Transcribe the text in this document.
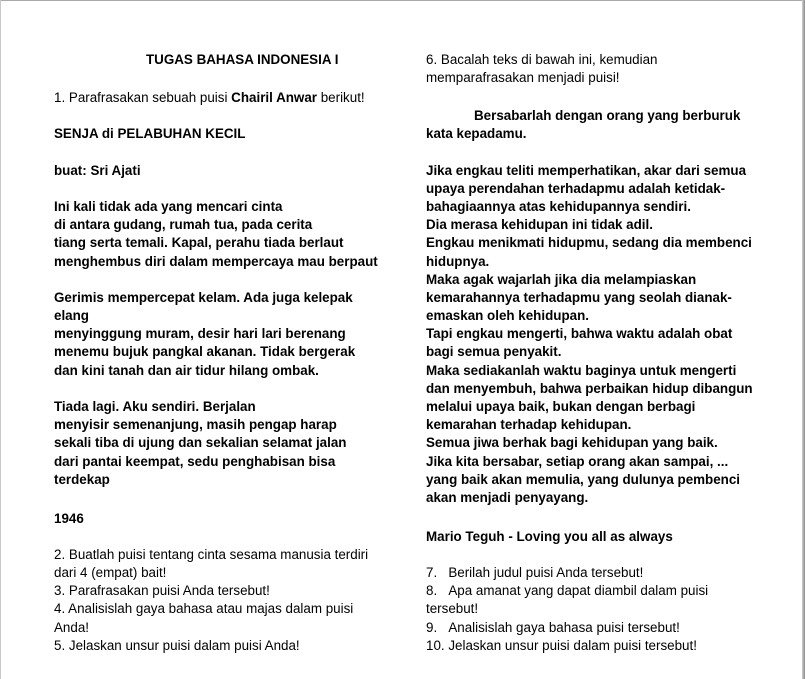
TUGAS BAHASA INDONESIA I
1. Parafrasakan sebuah puisi Chairil Anwar berikut!
SENJA di PELABUHAN KECIL
buat: Sri Ajati
Ini kali tidak ada yang mencari cinta
di antara gudang, rumah tua, pada cerita
tiang serta temali. Kapal, perahu tiada berlaut
menghembus diri dalam mempercaya mau berpaut
Gerimis mempercepat kelam. Ada juga kelepak
elang
menyinggung muram, desir hari lari berenang
menemu bujuk pangkal akanan. Tidak bergerak
dan kini tanah dan air tidur hilang ombak.
Tiada lagi. Aku sendiri. Berjalan
menyisir semenanjung, masih pengap harap
sekali tiba di ujung dan sekalian selamat jalan
dari pantai keempat, sedu penghabisan bisa
terdekap
1946
2. Buatlah puisi tentang cinta sesama manusia terdiri
dari 4 (empat) bait!
3. Parafrasakan puisi Anda tersebut!
4. Analisislah gaya bahasa atau majas dalam puisi
Anda!
5. Jelaskan unsur puisi dalam puisi Anda!
6. Bacalah teks di bawah ini, kemudian
memparafrasakan menjadi puisi!
Bersabarlah dengan orang yang berburuk
kata kepadamu.
Jika engkau teliti memperhatikan, akar dari semua
upaya perendahan terhadapmu adalah ketidak-
bahagiaannya atas kehidupannya sendiri.
Dia merasa kehidupan ini tidak adil.
Engkau menikmati hidupmu, sedang dia membenci
hidupnya.
Maka agak wajarlah jika dia melampiaskan
kemarahannya terhadapmu yang seolah dianak-
emaskan oleh kehidupan.
Tapi engkau mengerti, bahwa waktu adalah obat
bagi semua penyakit.
Maka sediakanlah waktu baginya untuk mengerti
dan menyembuh, bahwa perbaikan hidup dibangun
melalui upaya baik, bukan dengan berbagi
kemarahan terhadap kehidupan.
Semua jiwa berhak bagi kehidupan yang baik.
Jika kita bersabar, setiap orang akan sampai, ...
yang baik akan memulia, yang dulunya pembenci
akan menjadi penyayang.
Mario Teguh - Loving you all as always
7.   Berilah judul puisi Anda tersebut!
8.   Apa amanat yang dapat diambil dalam puisi
tersebut!
9.   Analisislah gaya bahasa puisi tersebut!
10. Jelaskan unsur puisi dalam puisi tersebut!
